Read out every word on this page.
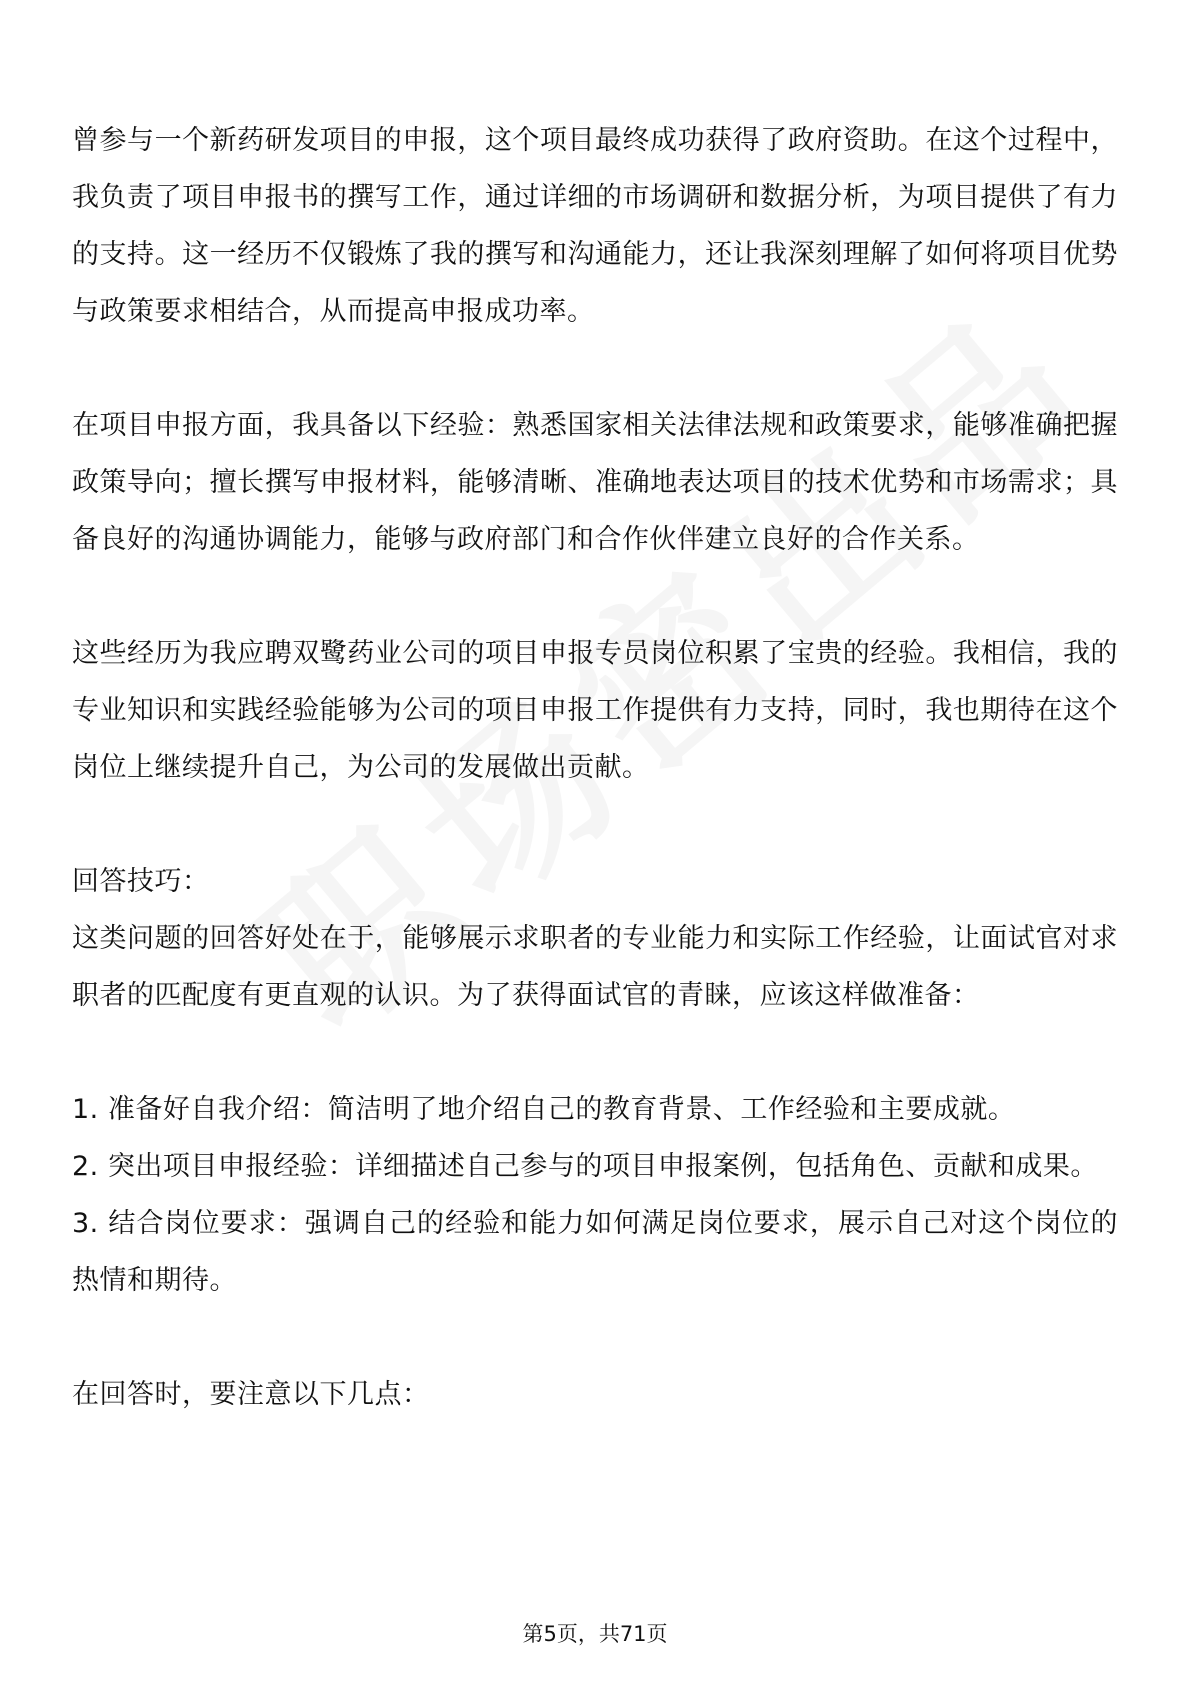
曾参与一个新药研发项目的申报，这个项目最终成功获得了政府资助。在这个过程中，我负责了项目申报书的撰写工作，通过详细的市场调研和数据分析，为项目提供了有力的支持。这一经历不仅锻炼了我的撰写和沟通能力，还让我深刻理解了如何将项目优势与政策要求相结合，从而提高申报成功率。

在项目申报方面，我具备以下经验：熟悉国家相关法律法规和政策要求，能够准确把握政策导向；擅长撰写申报材料，能够清晰、准确地表达项目的技术优势和市场需求；具备良好的沟通协调能力，能够与政府部门和合作伙伴建立良好的合作关系。

这些经历为我应聘双鹭药业公司的项目申报专员岗位积累了宝贵的经验。我相信，我的专业知识和实践经验能够为公司的项目申报工作提供有力支持，同时，我也期待在这个岗位上继续提升自己，为公司的发展做出贡献。

回答技巧：

这类问题的回答好处在于，能够展示求职者的专业能力和实际工作经验，让面试官对求职者的匹配度有更直观的认识。为了获得面试官的青睐，应该这样做准备：

1. 准备好自我介绍：简洁明了地介绍自己的教育背景、工作经验和主要成就。
2. 突出项目申报经验：详细描述自己参与的项目申报案例，包括角色、贡献和成果。
3. 结合岗位要求：强调自己的经验和能力如何满足岗位要求，展示自己对这个岗位的热情和期待。

在回答时，要注意以下几点：

第5页，共71页
